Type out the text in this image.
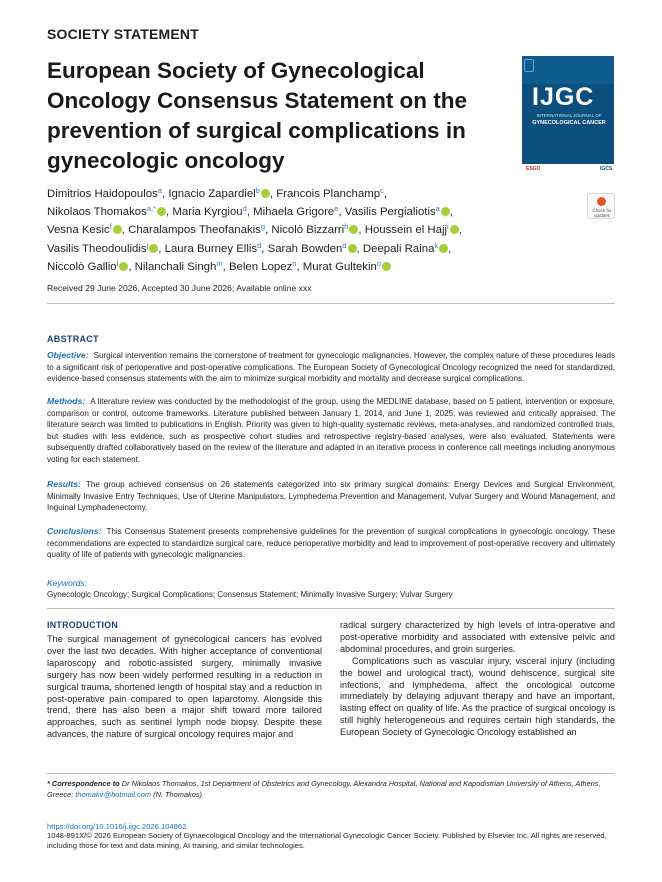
SOCIETY STATEMENT
European Society of Gynecological Oncology Consensus Statement on the prevention of surgical complications in gynecologic oncology
IJGC
INTERNATIONAL JOURNAL OF
GYNECOLOGICAL CANCER
ESGO	IGCS
Check for updates
Dimitrios Haidopoulos$^a$, Ignacio Zapardiel$^b$ , Francois Planchamp$^c$,
Nikolaos Thomakos$^{a,*}$ , Maria Kyrgiou$^d$, Mihaela Grigore$^e$, Vasilis Pergialiotis$^a$ ,
Vesna Kesic$^f$ , Charalampos Theofanakis$^g$, Nicolò Bizzarri$^h$ , Houssein el Hajj$^i$ ,
Vasilis Theodoulidis$^j$ , Laura Burney Ellis$^d$, Sarah Bowden$^d$ , Deepali Raina$^k$ ,
Niccolò Gallio$^l$ , Nilanchali Singh$^m$, Belen Lopez$^n$, Murat Gultekin$^o$
Received 29 June 2026, Accepted 30 June 2026; Available online xxx
ABSTRACT
Objective: Surgical intervention remains the cornerstone of treatment for gynecologic malignancies. However, the complex nature of these procedures leads to a significant risk of perioperative and post-operative complications. The European Society of Gynecological Oncology recognized the need for standardized, evidence-based consensus statements with the aim to minimize surgical morbidity and mortality and decrease surgical complications.
Methods: A literature review was conducted by the methodologist of the group, using the MEDLINE database, based on 5 patient, intervention or exposure, comparison or control, outcome frameworks. Literature published between January 1, 2014, and June 1, 2025, was reviewed and critically appraised. The literature search was limited to publications in English. Priority was given to high-quality systematic reviews, meta-analyses, and randomized controlled trials, but studies with less evidence, such as prospective cohort studies and retrospective registry-based analyses, were also evaluated. Statements were subsequently drafted collaboratively based on the review of the literature and adapted in an iterative process in conference call meetings including anonymous voting for each statement.
Results: The group achieved consensus on 26 statements categorized into six primary surgical domains: Energy Devices and Surgical Environment, Minimally Invasive Entry Techniques, Use of Uterine Manipulators, Lymphedema Prevention and Management, Vulvar Surgery and Wound Management, and Inguinal Lymphadenectomy.
Conclusions: This Consensus Statement presents comprehensive guidelines for the prevention of surgical complications in gynecologic oncology. These recommendations are expected to standardize surgical care, reduce perioperative morbidity and lead to improvement of post-operative recovery and ultimately quality of life of patients with gynecologic malignancies.
Keywords:
Gynecologic Oncology; Surgical Complications; Consensus Statement; Minimally Invasive Surgery; Vulvar Surgery
INTRODUCTION

The surgical management of gynecological cancers has evolved over the last two decades. With higher acceptance of conventional laparoscopy and robotic-assisted surgery, minimally invasive surgery has now been widely performed resulting in a reduction in surgical trauma, shortened length of hospital stay and a reduction in post-operative pain compared to open laparotomy. Alongside this trend, there has also been a major shift toward more tailored approaches, such as sentinel lymph node biopsy. Despite these advances, the nature of surgical oncology requires major and

radical surgery characterized by high levels of intra-operative and post-operative morbidity and associated with extensive pelvic and abdominal procedures, and groin surgeries.

Complications such as vascular injury, visceral injury (including the bowel and urological tract), wound dehiscence, surgical site infections, and lymphedema, affect the oncological outcome immediately by delaying adjuvant therapy and have an important, lasting effect on quality of life. As the practice of surgical oncology is still highly heterogeneous and requires certain high standards, the European Society of Gynecologic Oncology established an

* Correspondence to Dr Nikolaos Thomakos, 1st Department of Obstetrics and Gynecology, Alexandra Hospital, National and Kapodistrian University of Athens, Athens, Greece; thomakir@hotmail.com (N. Thomakos)
https://doi.org/10.1016/j.ijgc.2026.104862
1048-891X/© 2026 European Society of Gynaecological Oncology and the International Gynecologic Cancer Society. Published by Elsevier Inc. All rights are reserved, including those for text and data mining, AI training, and similar technologies.
